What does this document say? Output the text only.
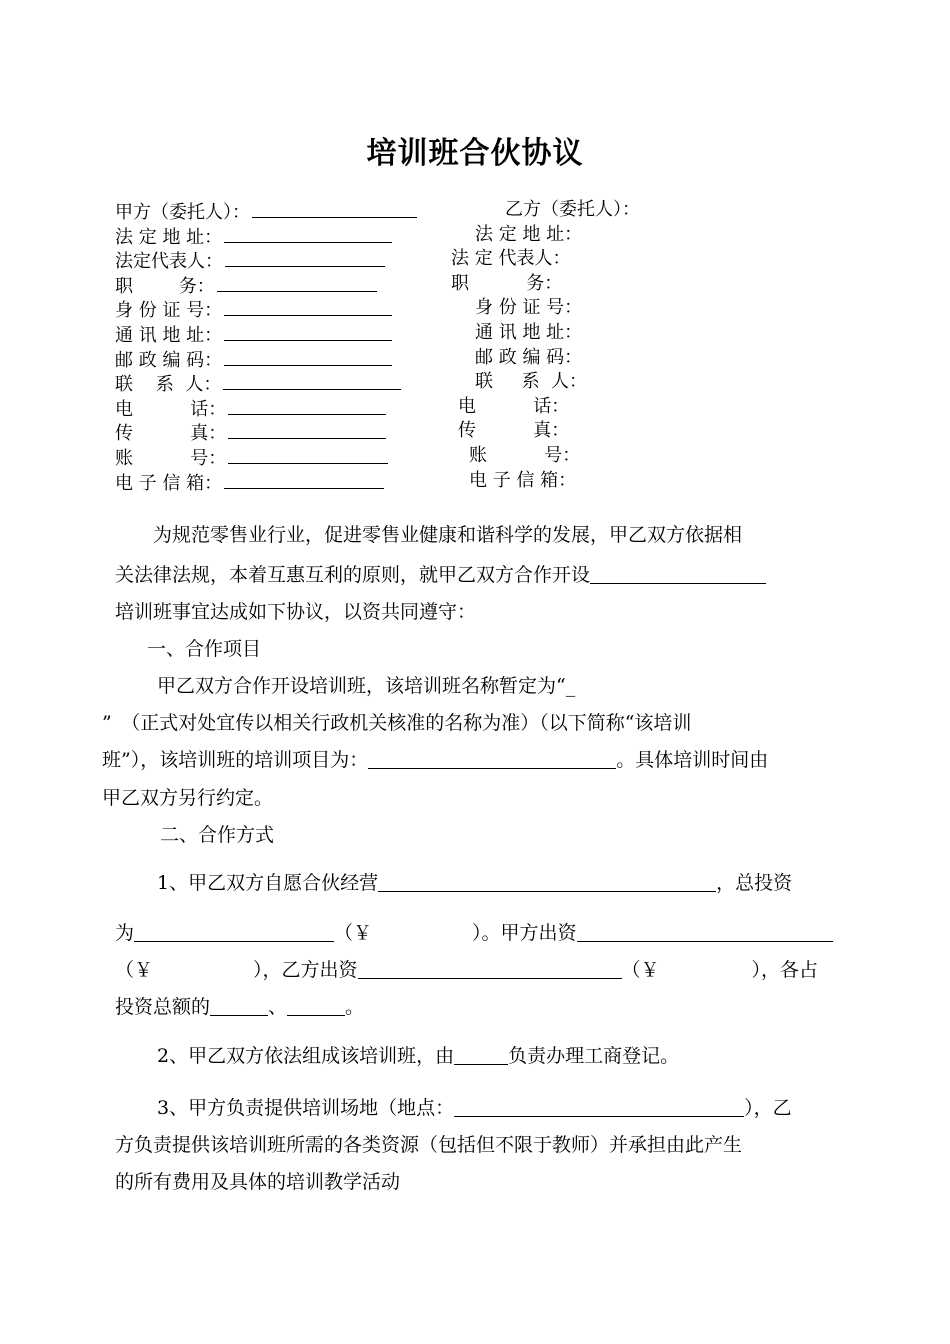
培训班合伙协议
甲方（委托人）：	乙方（委托人）：
法 定 地 址：	法 定 地 址：
法定代表人：	法 定 代表人：
职        务：	职          务：
身 份 证 号：	身 份 证 号：
通 讯 地 址：	通 讯 地 址：
邮 政 编 码：	邮 政 编 码：
联    系  人：	联     系  人：
电          话：	电          话：
传          真：	传          真：
账          号：	账          号：
电 子 信 箱：	电 子 信 箱：
为规范零售业行业，促进零售业健康和谐科学的发展，甲乙双方依据相
关法律法规，本着互惠互利的原则，就甲乙双方合作开设
培训班事宜达成如下协议，以资共同遵守：
一、合作项目
甲乙双方合作开设培训班，该培训班名称暂定为“_
”　（正式对处宜传以相关行政机关核准的名称为准）（以下简称“该培训
班”），该培训班的培训项目为：	。具体培训时间由
甲乙双方另行约定。
二、合作方式
1、甲乙双方自愿合伙经营	，总投资
为	（￥	）。甲方出资
（￥	），乙方出资	（￥	），各占
投资总额的	、	。
2、甲乙双方依法组成该培训班，由	负责办理工商登记。
3、甲方负责提供培训场地（地点：	），乙
方负责提供该培训班所需的各类资源（包括但不限于教师）并承担由此产生
的所有费用及具体的培训教学活动
